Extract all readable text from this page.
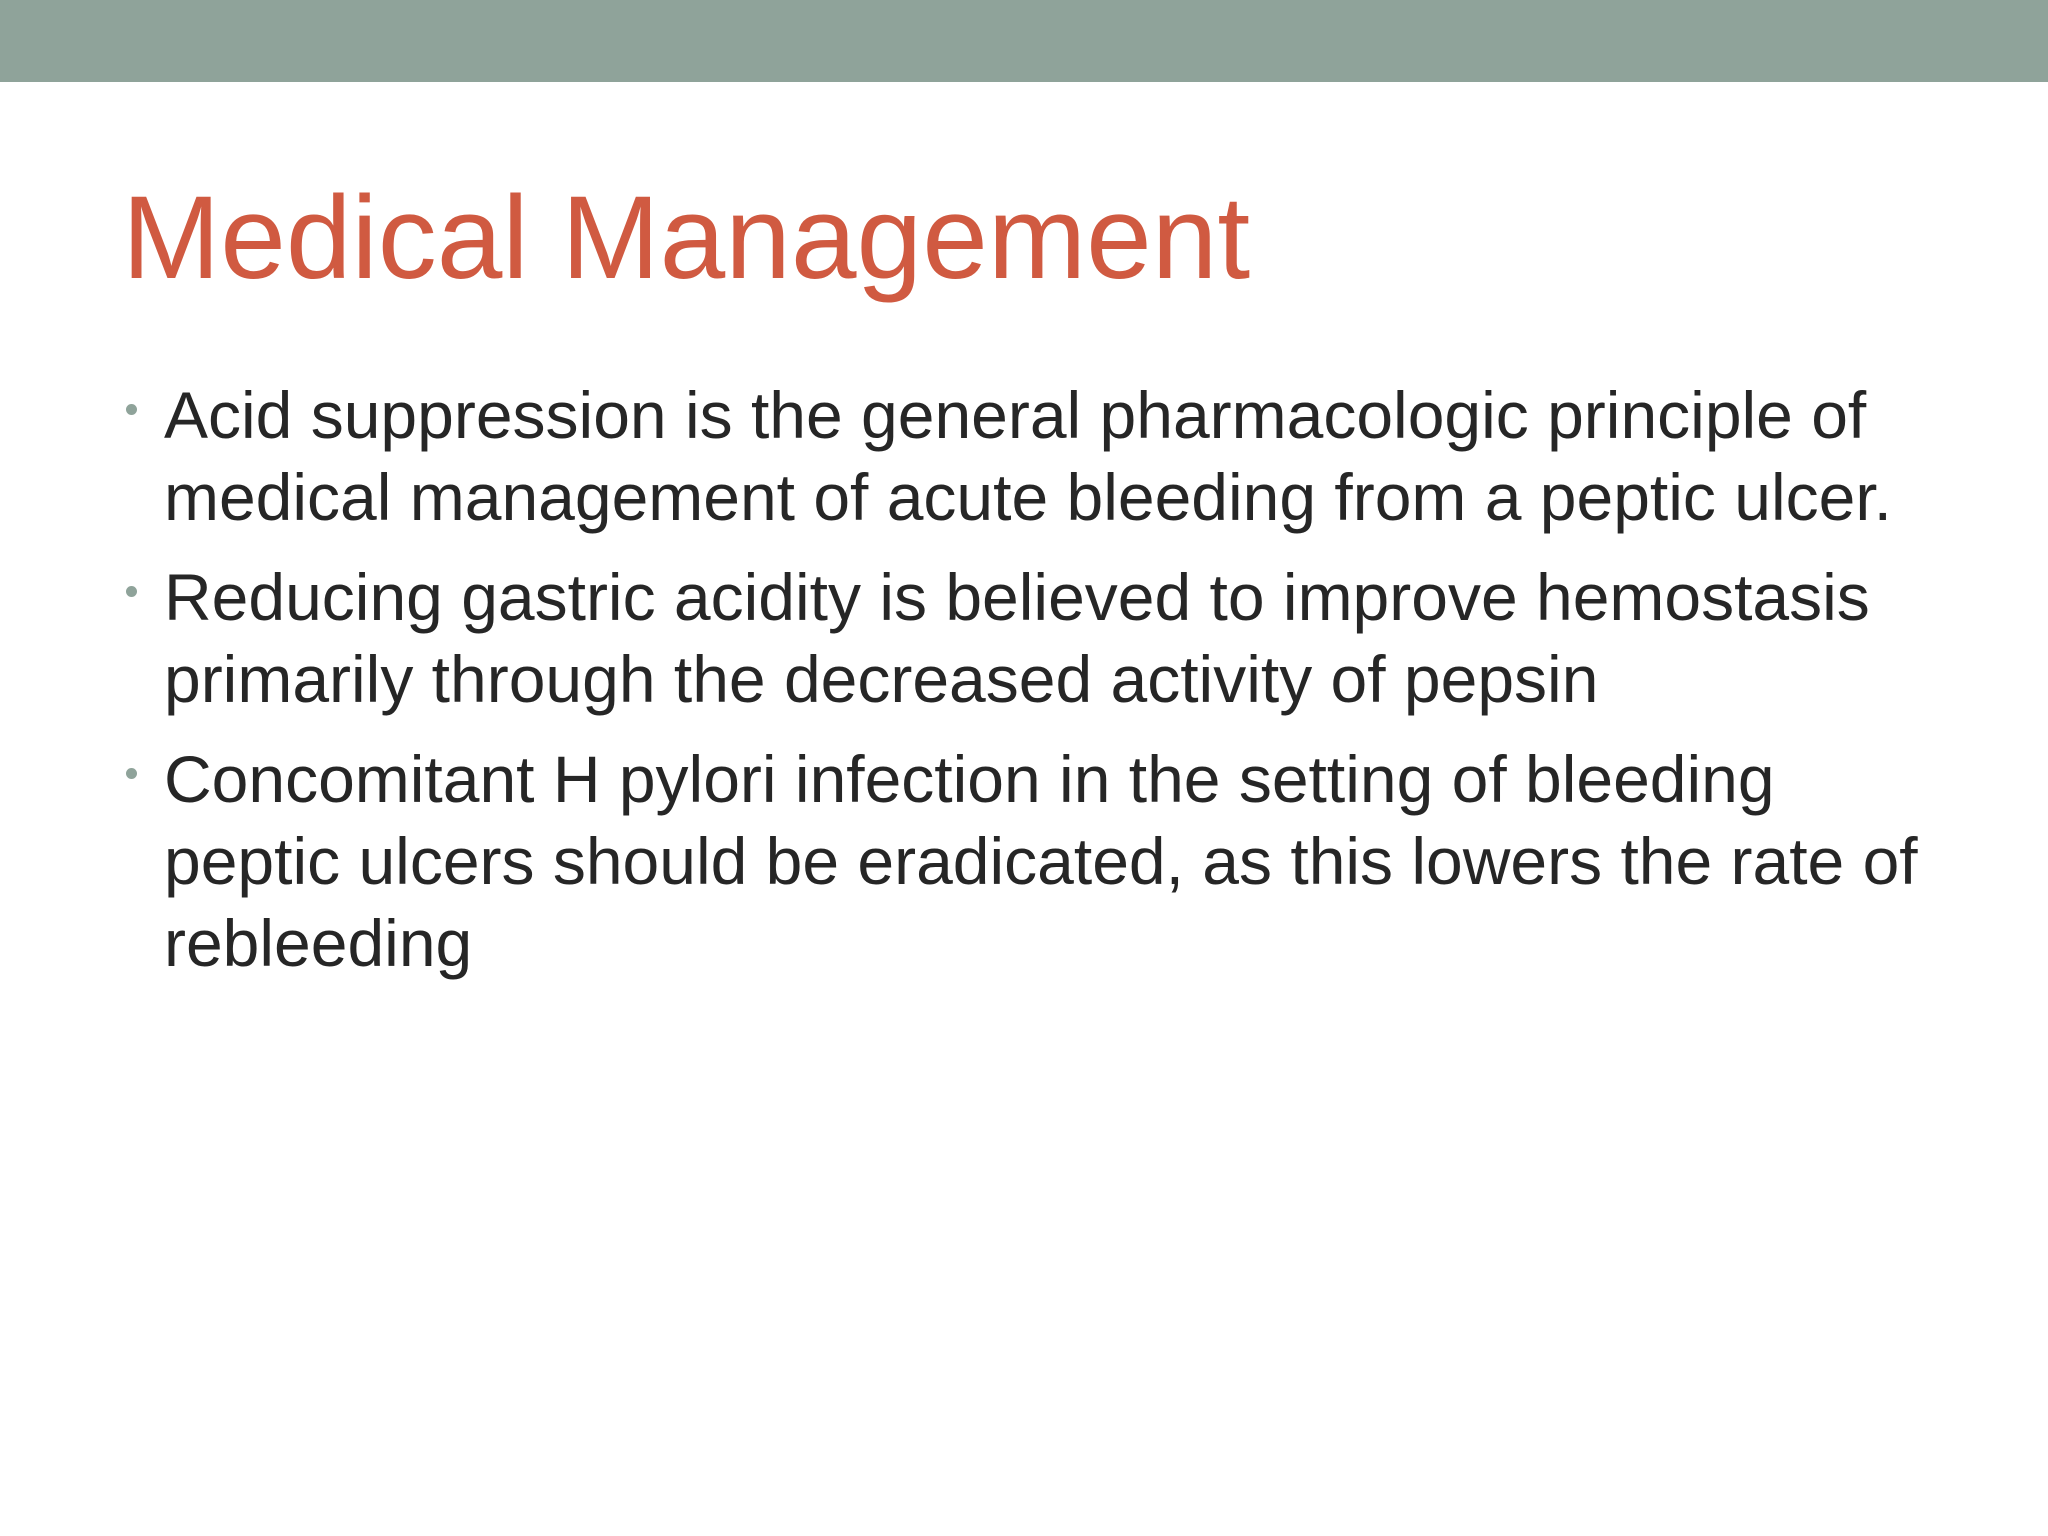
Medical Management
Acid suppression is the general pharmacologic principle of medical management of acute bleeding from a peptic ulcer.
Reducing gastric acidity is believed to improve hemostasis primarily through the decreased activity of pepsin
Concomitant H pylori infection in the setting of bleeding peptic ulcers should be eradicated, as this lowers the rate of rebleeding
